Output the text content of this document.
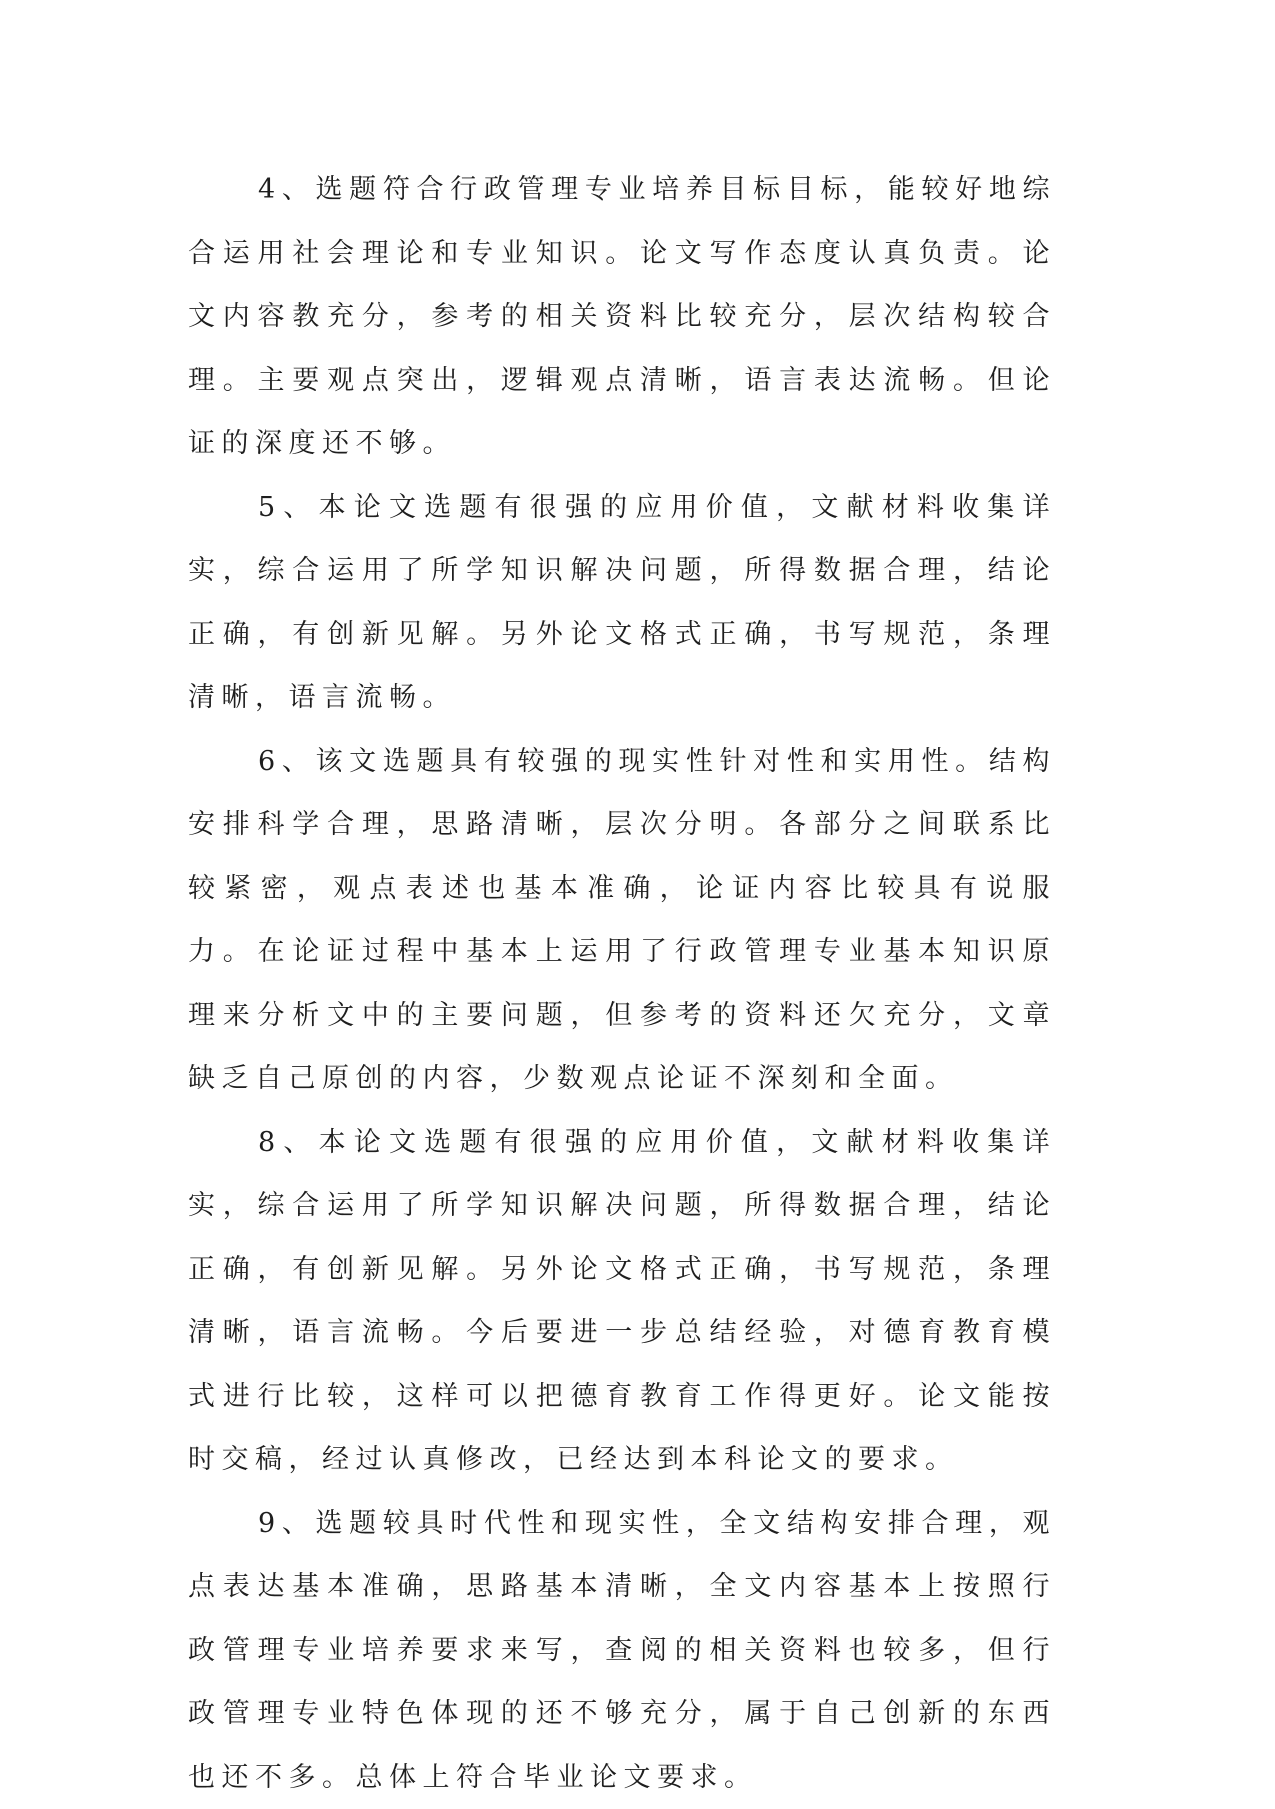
4、选题符合行政管理专业培养目标目标，能较好地综合运用社会理论和专业知识。论文写作态度认真负责。论文内容教充分，参考的相关资料比较充分，层次结构较合理。主要观点突出，逻辑观点清晰，语言表达流畅。但论证的深度还不够。

5、本论文选题有很强的应用价值，文献材料收集详实，综合运用了所学知识解决问题，所得数据合理，结论正确，有创新见解。另外论文格式正确，书写规范，条理清晰，语言流畅。

6、该文选题具有较强的现实性针对性和实用性。结构安排科学合理，思路清晰，层次分明。各部分之间联系比较紧密，观点表述也基本准确，论证内容比较具有说服力。在论证过程中基本上运用了行政管理专业基本知识原理来分析文中的主要问题，但参考的资料还欠充分，文章缺乏自己原创的内容，少数观点论证不深刻和全面。

8、本论文选题有很强的应用价值，文献材料收集详实，综合运用了所学知识解决问题，所得数据合理，结论正确，有创新见解。另外论文格式正确，书写规范，条理清晰，语言流畅。今后要进一步总结经验，对德育教育模式进行比较，这样可以把德育教育工作得更好。论文能按时交稿，经过认真修改，已经达到本科论文的要求。

9、选题较具时代性和现实性，全文结构安排合理，观点表达基本准确，思路基本清晰，全文内容基本上按照行政管理专业培养要求来写，查阅的相关资料也较多，但行政管理专业特色体现的还不够充分，属于自己创新的东西也还不多。总体上符合毕业论文要求。
